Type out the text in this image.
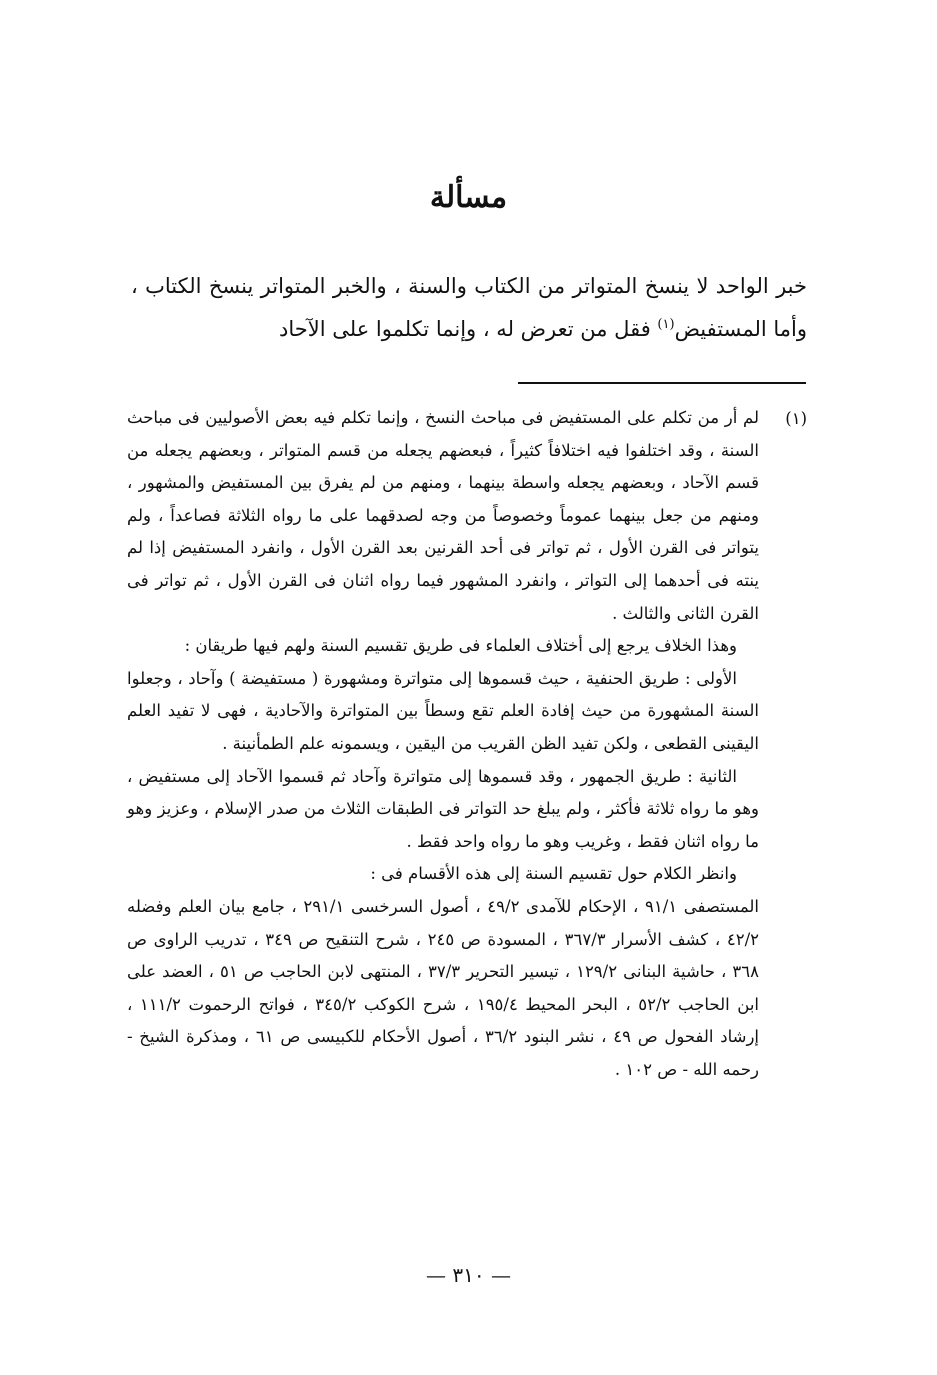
مسألة

خبر الواحد لا ينسخ المتواتر من الكتاب والسنة ، والخبر المتواتر ينسخ الكتاب ، وأما المستفيض$^{(١)}$ فقل من تعرض له ، وإنما تكلموا على الآحاد

(١)

لم أر من تكلم على المستفيض فى مباحث النسخ ، وإنما تكلم فيه بعض الأصوليين فى مباحث السنة ، وقد اختلفوا فيه اختلافاً كثيراً ، فبعضهم يجعله من قسم المتواتر ، وبعضهم يجعله من قسم الآحاد ، وبعضهم يجعله واسطة بينهما ، ومنهم من لم يفرق بين المستفيض والمشهور ، ومنهم من جعل بينهما عموماً وخصوصاً من وجه لصدقهما على ما رواه الثلاثة فصاعداً ، ولم يتواتر فى القرن الأول ، ثم تواتر فى أحد القرنين بعد القرن الأول ، وانفرد المستفيض إذا لم ينته فى أحدهما إلى التواتر ، وانفرد المشهور فيما رواه اثنان فى القرن الأول ، ثم تواتر فى القرن الثانى والثالث .

وهذا الخلاف يرجع إلى أختلاف العلماء فى طريق تقسيم السنة ولهم فيها طريقان :

الأولى : طريق الحنفية ، حيث قسموها إلى متواترة ومشهورة ( مستفيضة ) وآحاد ، وجعلوا السنة المشهورة من حيث إفادة العلم تقع وسطاً بين المتواترة والآحادية ، فهى لا تفيد العلم اليقينى القطعى ، ولكن تفيد الظن القريب من اليقين ، ويسمونه علم الطمأنينة .

الثانية : طريق الجمهور ، وقد قسموها إلى متواترة وآحاد ثم قسموا الآحاد إلى مستفيض ، وهو ما رواه ثلاثة فأكثر ، ولم يبلغ حد التواتر فى الطبقات الثلاث من صدر الإسلام ، وعزيز وهو ما رواه اثنان فقط ، وغريب وهو ما رواه واحد فقط .

وانظر الكلام حول تقسيم السنة إلى هذه الأقسام فى :

المستصفى ٩١/١ ، الإحكام للآمدى ٤٩/٢ ، أصول السرخسى ٢٩١/١ ، جامع بيان العلم وفضله ٤٢/٢ ، كشف الأسرار ٣٦٧/٣ ، المسودة ص ٢٤٥ ، شرح التنقيح ص ٣٤٩ ، تدريب الراوى ص ٣٦٨ ، حاشية البنانى ١٢٩/٢ ، تيسير التحرير ٣٧/٣ ، المنتهى لابن الحاجب ص ٥١ ، العضد على ابن الحاجب ٥٢/٢ ، البحر المحيط ١٩٥/٤ ، شرح الكوكب ٣٤٥/٢ ، فواتح الرحموت ١١١/٢ ، إرشاد الفحول ص ٤٩ ، نشر البنود ٣٦/٢ ، أصول الأحكام للكبيسى ص ٦١ ، ومذكرة الشيخ - رحمه الله - ص ١٠٢ .

— ٣١٠ —
